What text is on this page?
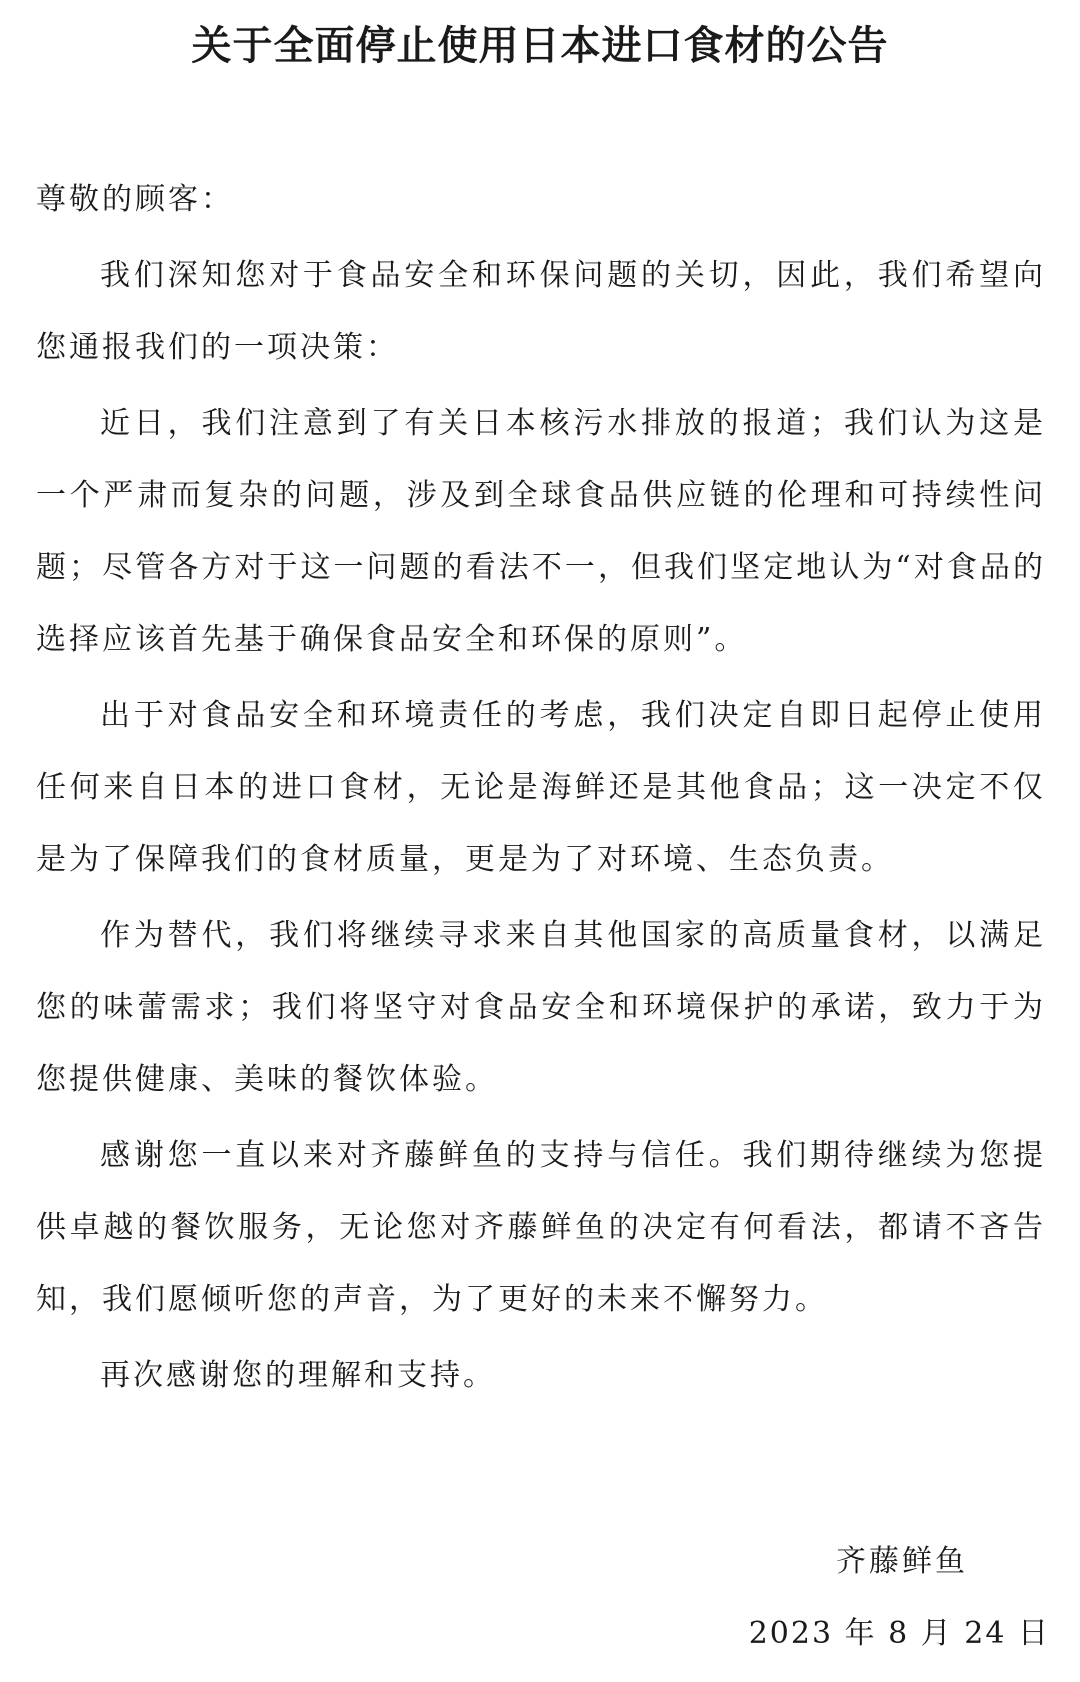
关于全面停止使用日本进口食材的公告

尊敬的顾客：

我们深知您对于食品安全和环保问题的关切，因此，我们希望向您通报我们的一项决策：

近日，我们注意到了有关日本核污水排放的报道；我们认为这是一个严肃而复杂的问题，涉及到全球食品供应链的伦理和可持续性问题；尽管各方对于这一问题的看法不一，但我们坚定地认为“对食品的选择应该首先基于确保食品安全和环保的原则”。

出于对食品安全和环境责任的考虑，我们决定自即日起停止使用任何来自日本的进口食材，无论是海鲜还是其他食品；这一决定不仅是为了保障我们的食材质量，更是为了对环境、生态负责。

作为替代，我们将继续寻求来自其他国家的高质量食材，以满足您的味蕾需求；我们将坚守对食品安全和环境保护的承诺，致力于为您提供健康、美味的餐饮体验。

感谢您一直以来对齐藤鲜鱼的支持与信任。我们期待继续为您提供卓越的餐饮服务，无论您对齐藤鲜鱼的决定有何看法，都请不吝告知，我们愿倾听您的声音，为了更好的未来不懈努力。

再次感谢您的理解和支持。

齐藤鲜鱼

2023 年 8 月 24 日
